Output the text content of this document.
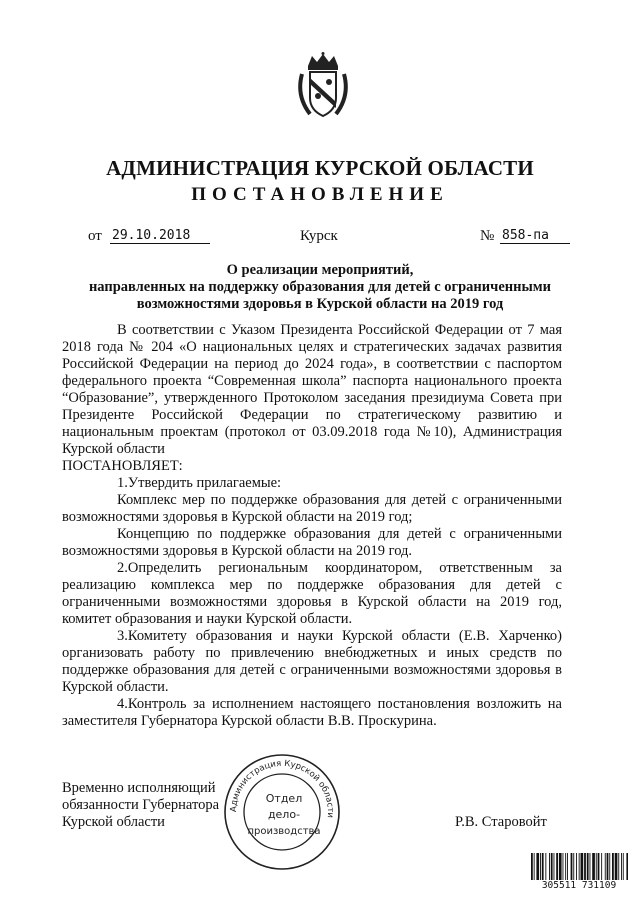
АДМИНИСТРАЦИЯ КУРСКОЙ ОБЛАСТИ
ПОСТАНОВЛЕНИЕ
от 29.10.2018	Курск	№ 858-па
О реализации мероприятий,
направленных на поддержку образования для детей с ограниченными
возможностями здоровья в Курской области на 2019 год

В соответствии с Указом Президента Российской Федерации от 7 мая 2018 года № 204 «О национальных целях и стратегических задачах развития Российской Федерации на период до 2024 года», в соответствии с паспортом федерального проекта “Современная школа” паспорта национального проекта “Образование”, утвержденного Протоколом заседания президиума Совета при Президенте Российской Федерации по стратегическому развитию и национальным проектам (протокол от 03.09.2018 года №10), Администрация Курской области

ПОСТАНОВЛЯЕТ:

1.Утвердить прилагаемые:

Комплекс мер по поддержке образования для детей с ограниченными возможностями здоровья в Курской области на 2019 год;

Концепцию по поддержке образования для детей с ограниченными возможностями здоровья в Курской области на 2019 год.

2.Определить региональным координатором, ответственным за реализацию комплекса мер по поддержке образования для детей с ограниченными возможностями здоровья в Курской области на 2019 год, комитет образования и науки Курской области.

3.Комитету образования и науки Курской области (Е.В. Харченко) организовать работу по привлечению внебюджетных и иных средств по поддержке образования для детей с ограниченными возможностями здоровья в Курской области.

4.Контроль за исполнением настоящего постановления возложить на заместителя Губернатора Курской области В.В. Проскурина.

Временно исполняющий
обязанности Губернатора
Курской области	Р.В. Старовойт
Администрация Курской области
Отдел
дело-
производства
305511 731109
